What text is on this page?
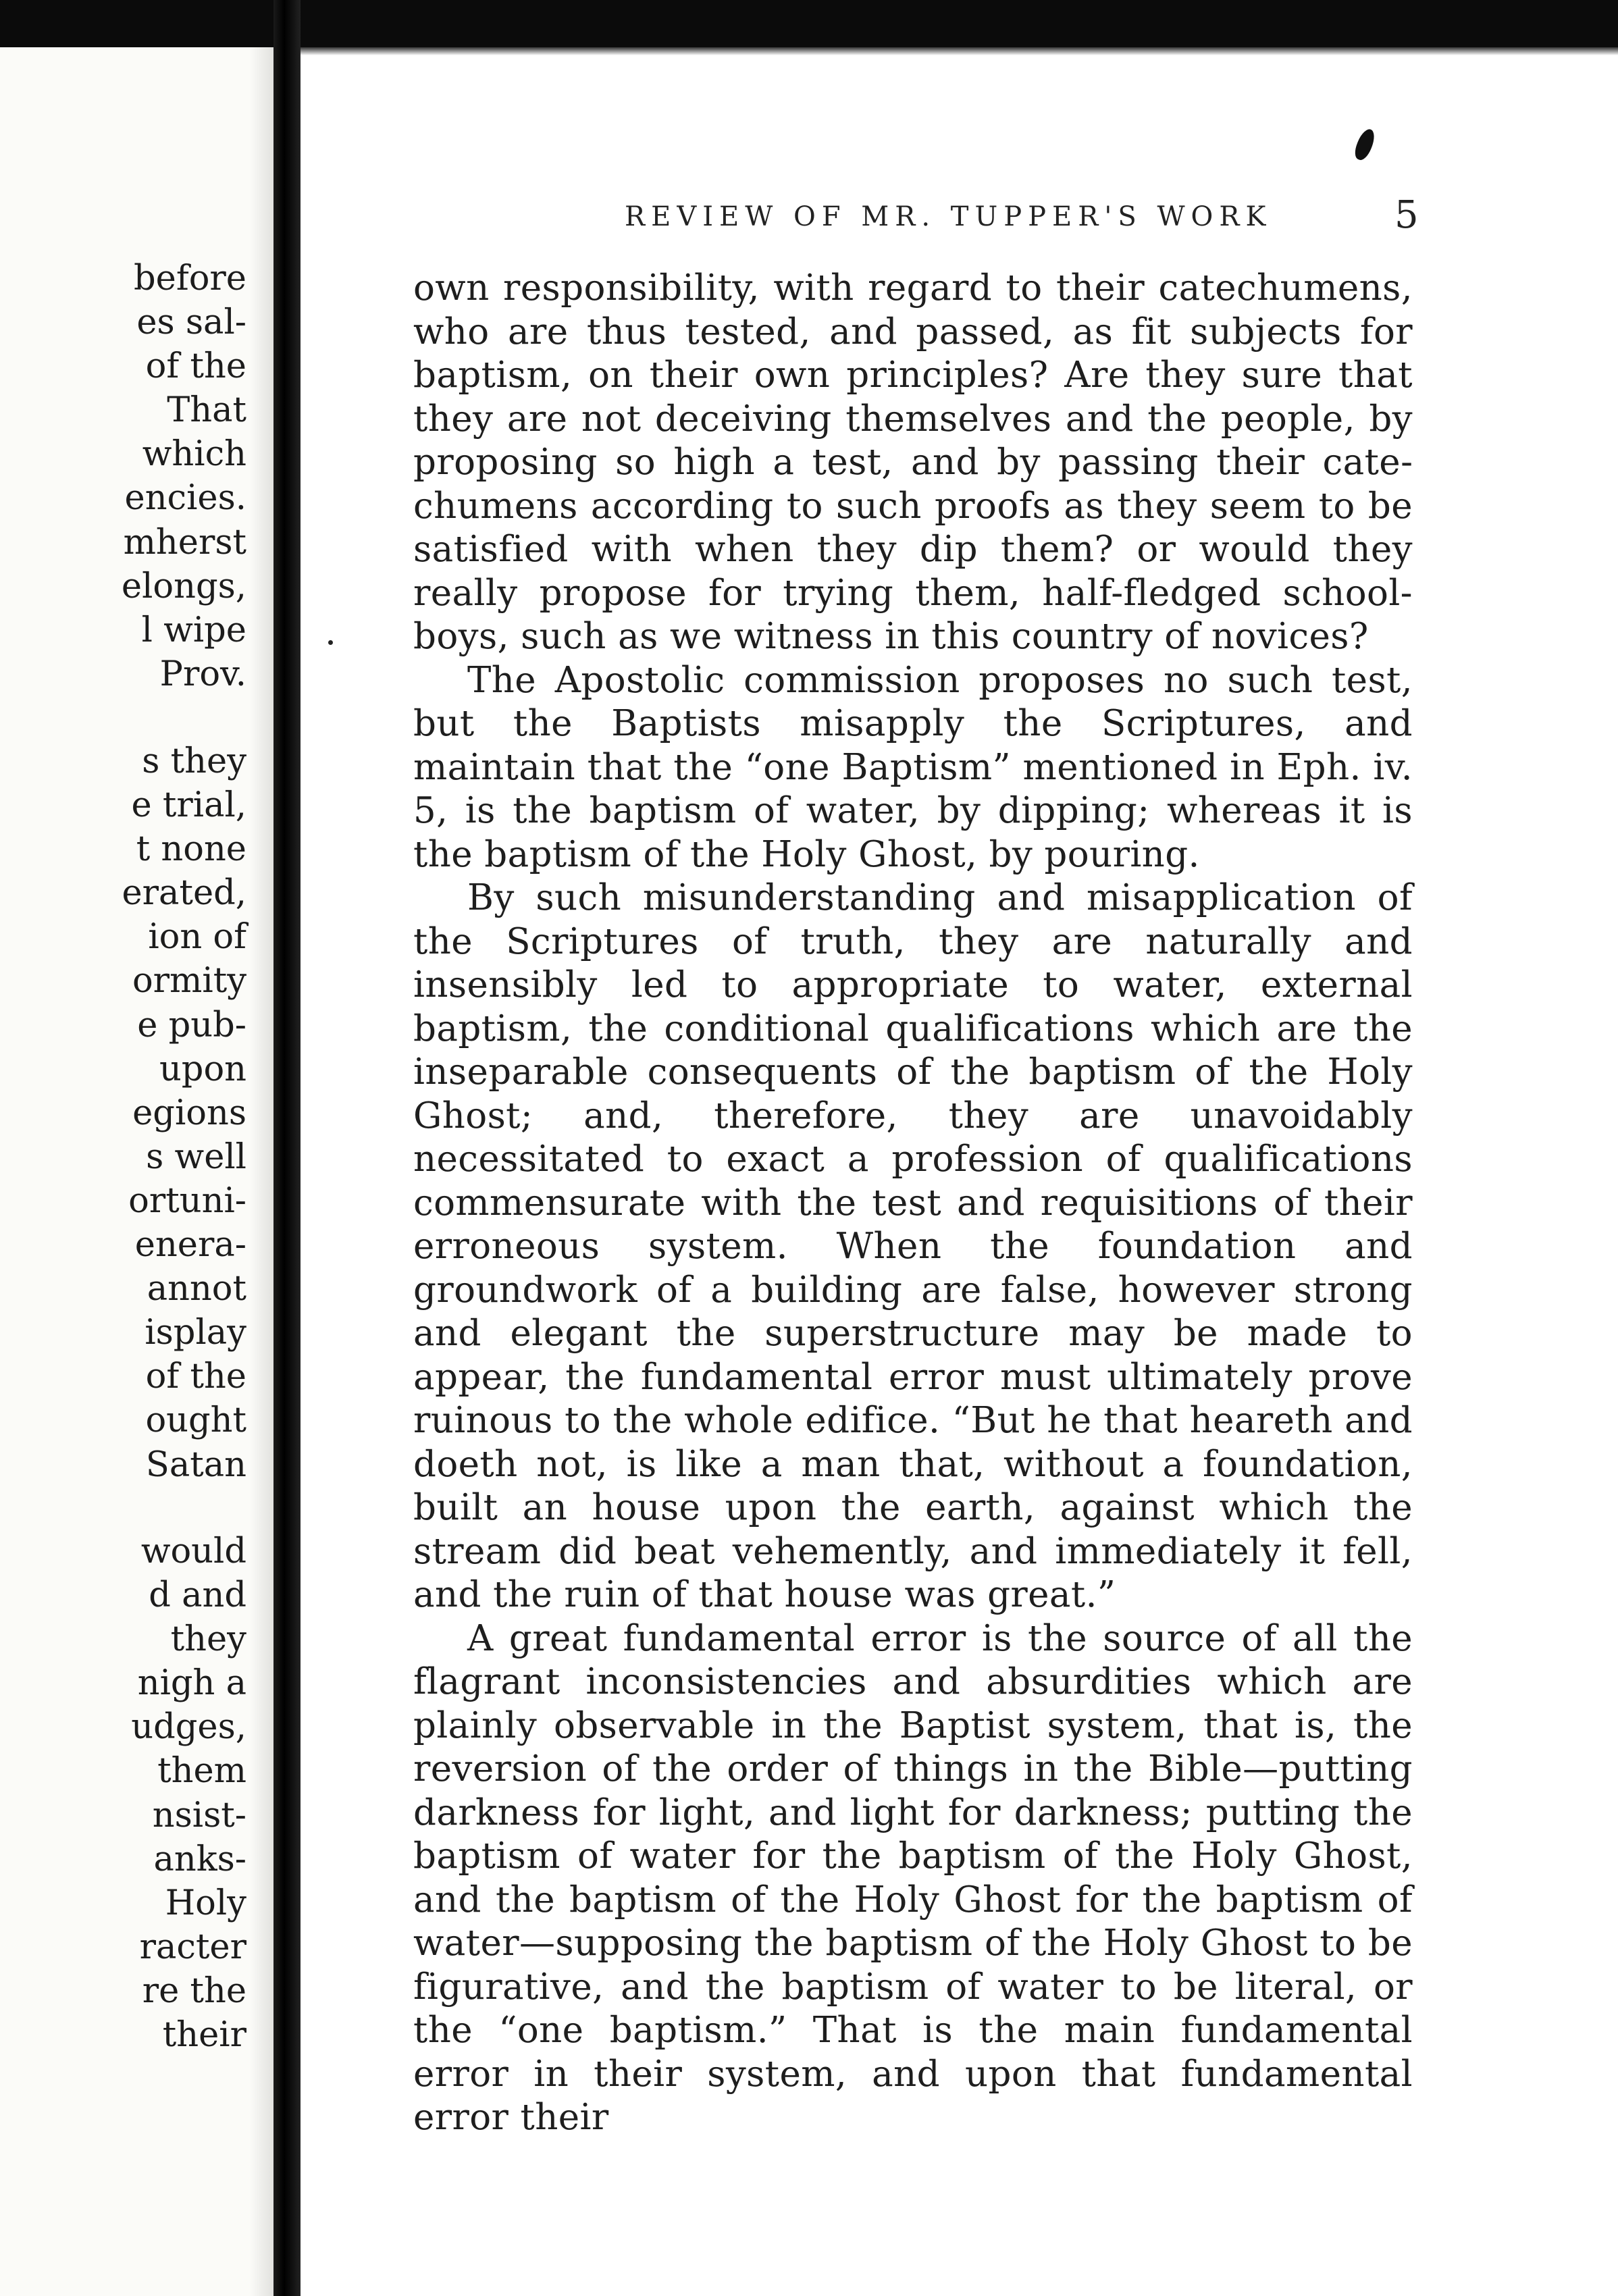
before
es sal-
of the
That
which
encies.
mherst
elongs,
l wipe
Prov.
s they
e trial,
t none
erated,
ion of
ormity
e pub-
upon
egions
s well
ortuni-
enera-
annot
isplay
of the
ought
Satan
would
d and
they
nigh a
udges,
them
nsist-
anks-
Holy
racter
re the
their
REVIEW OF MR. TUPPER'S WORK	5

own responsibility, with regard to their catechumens, who are thus tested, and passed, as fit subjects for baptism, on their own principles? Are they sure that they are not deceiving themselves and the people, by proposing so high a test, and by passing their catechumens according to such proofs as they seem to be satisfied with when they dip them? or would they really propose for trying them, half-fledged school-boys, such as we witness in this country of novices?

The Apostolic commission proposes no such test, but the Baptists misapply the Scriptures, and maintain that the “one Baptism” mentioned in Eph. iv. 5, is the baptism of water, by dipping; whereas it is the baptism of the Holy Ghost, by pouring.

By such misunderstanding and misapplication of the Scriptures of truth, they are naturally and insensibly led to appropriate to water, external baptism, the conditional qualifications which are the inseparable consequents of the baptism of the Holy Ghost; and, therefore, they are unavoidably necessitated to exact a profession of qualifications commensurate with the test and requisitions of their erroneous system. When the foundation and groundwork of a building are false, however strong and elegant the superstructure may be made to appear, the fundamental error must ultimately prove ruinous to the whole edifice. “But he that heareth and doeth not, is like a man that, without a foundation, built an house upon the earth, against which the stream did beat vehemently, and immediately it fell, and the ruin of that house was great.”

A great fundamental error is the source of all the flagrant inconsistencies and absurdities which are plainly observable in the Baptist system, that is, the reversion of the order of things in the Bible—putting darkness for light, and light for darkness; putting the baptism of water for the baptism of the Holy Ghost, and the baptism of the Holy Ghost for the baptism of water—supposing the baptism of the Holy Ghost to be figurative, and the baptism of water to be literal, or the “one baptism.” That is the main fundamental error in their system, and upon that fundamental error their
